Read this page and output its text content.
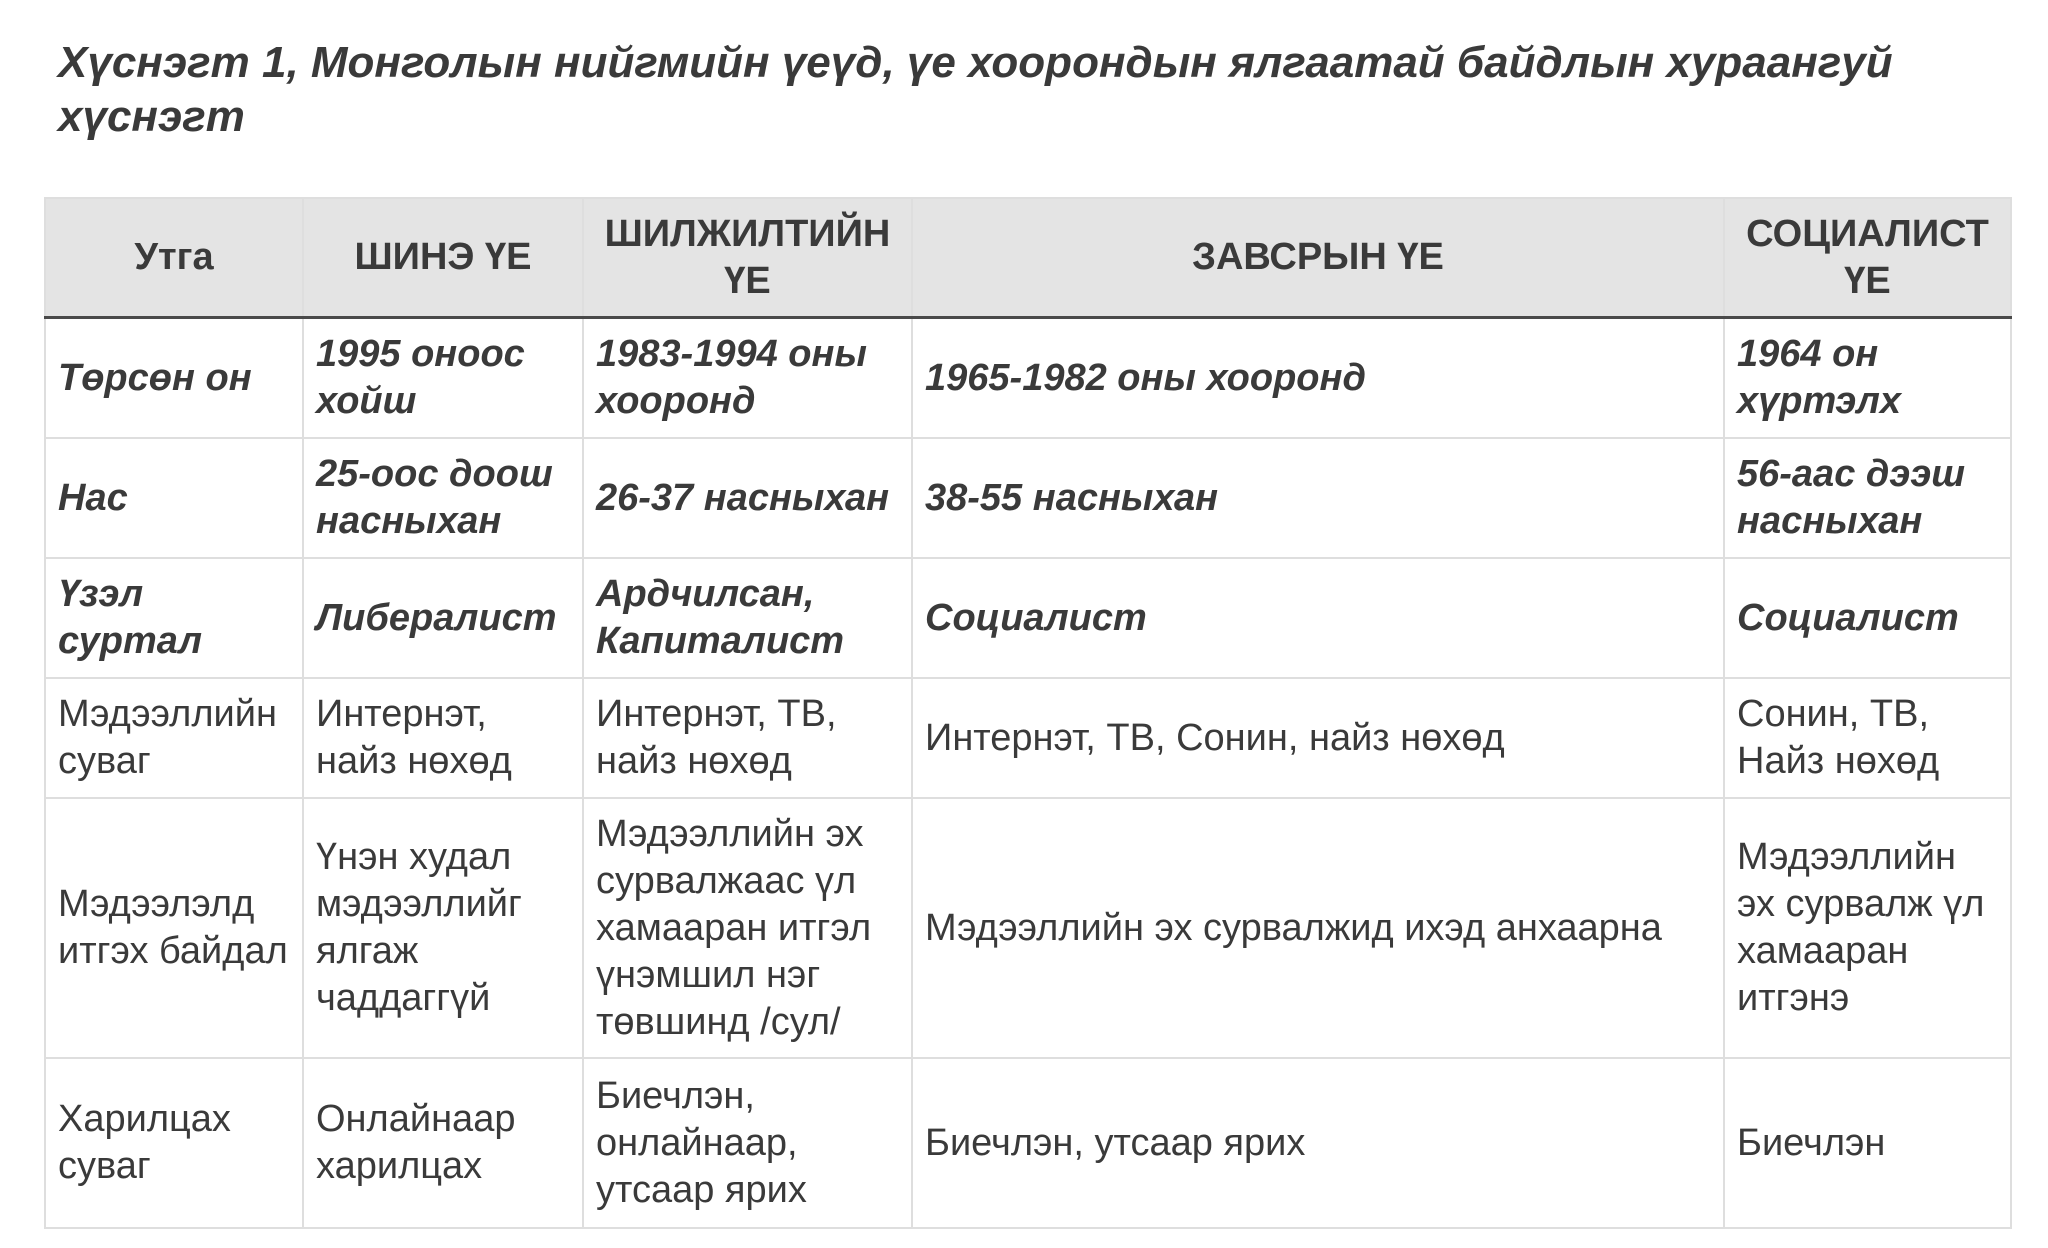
Хүснэгт 1, Монголын нийгмийн үеүд, үе хоорондын ялгаатай байдлын хураангуй хүснэгт
Утга	ШИНЭ ҮЕ	ШИЛЖИЛТИЙН ҮЕ	ЗАВСРЫН ҮЕ	СОЦИАЛИСТ ҮЕ
Төрсөн он	1995 оноос хойш	1983-1994 оны хооронд	1965-1982 оны хооронд	1964 он хүртэлх
Нас	25-оос доош насныхан	26-37 насныхан	38-55 насныхан	56-аас дээш насныхан
Үзэл суртал	Либералист	Ардчилсан, Капиталист	Социалист	Социалист
Мэдээллийн суваг	Интернэт, найз нөхөд	Интернэт, ТВ, найз нөхөд	Интернэт, ТВ, Сонин, найз нөхөд	Сонин, ТВ, Найз нөхөд
Мэдээлэлд итгэх байдал	Үнэн худал мэдээллийг ялгаж чаддаггүй	Мэдээллийн эх сурвалжаас үл хамааран итгэл үнэмшил нэг төвшинд /сул/	Мэдээллийн эх сурвалжид ихэд анхаарна	Мэдээллийн эх сурвалж үл хамааран итгэнэ
Харилцах суваг	Онлайнаар харилцах	Биечлэн, онлайнаар, утсаар ярих	Биечлэн, утсаар ярих	Биечлэн
